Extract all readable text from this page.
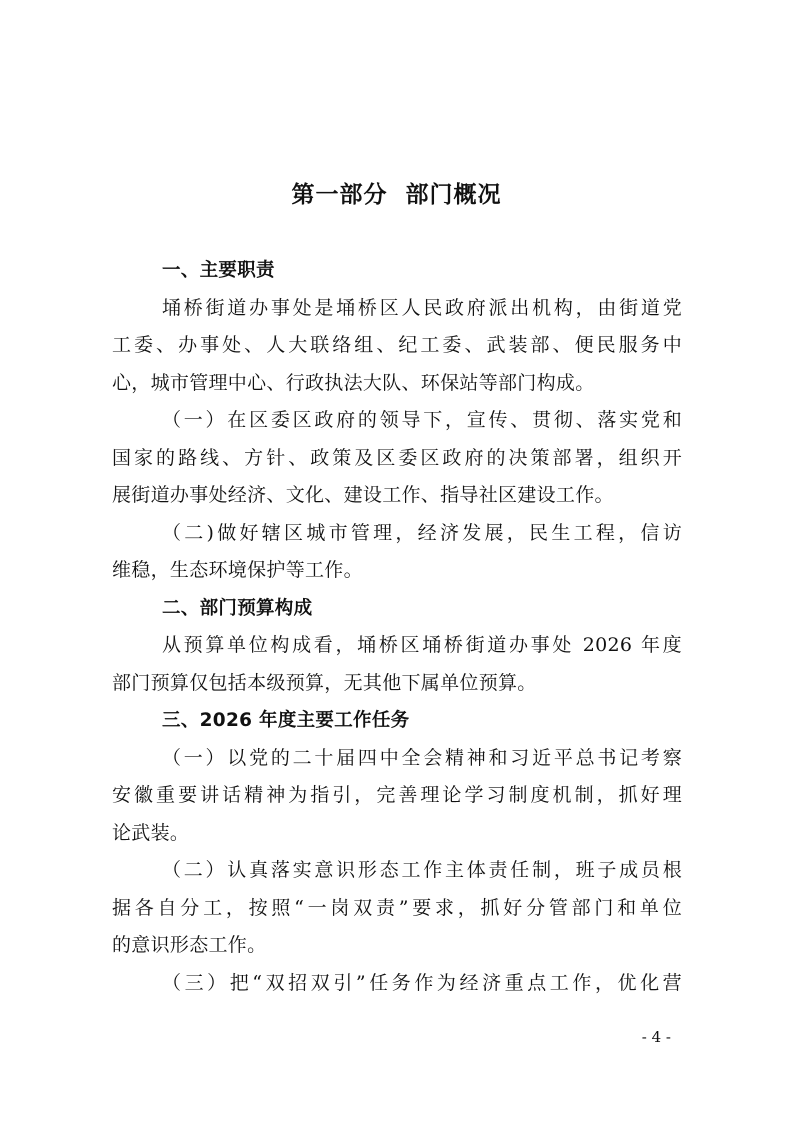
第一部分  部门概况
一、主要职责
埇桥街道办事处是埇桥区人民政府派出机构，由街道党
工委、办事处、人大联络组、纪工委、武装部、便民服务中
心，城市管理中心、行政执法大队、环保站等部门构成。
（一）在区委区政府的领导下，宣传、贯彻、落实党和
国家的路线、方针、政策及区委区政府的决策部署，组织开
展街道办事处经济、文化、建设工作、指导社区建设工作。
（二)做好辖区城市管理，经济发展，民生工程，信访
维稳，生态环境保护等工作。
二、部门预算构成
从预算单位构成看，埇桥区埇桥街道办事处 2026 年度
部门预算仅包括本级预算，无其他下属单位预算。
三、2026 年度主要工作任务
（一）以党的二十届四中全会精神和习近平总书记考察
安徽重要讲话精神为指引，完善理论学习制度机制，抓好理
论武装。
（二）认真落实意识形态工作主体责任制，班子成员根
据各自分工，按照“一岗双责”要求，抓好分管部门和单位
的意识形态工作。
（三）把“双招双引”任务作为经济重点工作，优化营
- 4 -
